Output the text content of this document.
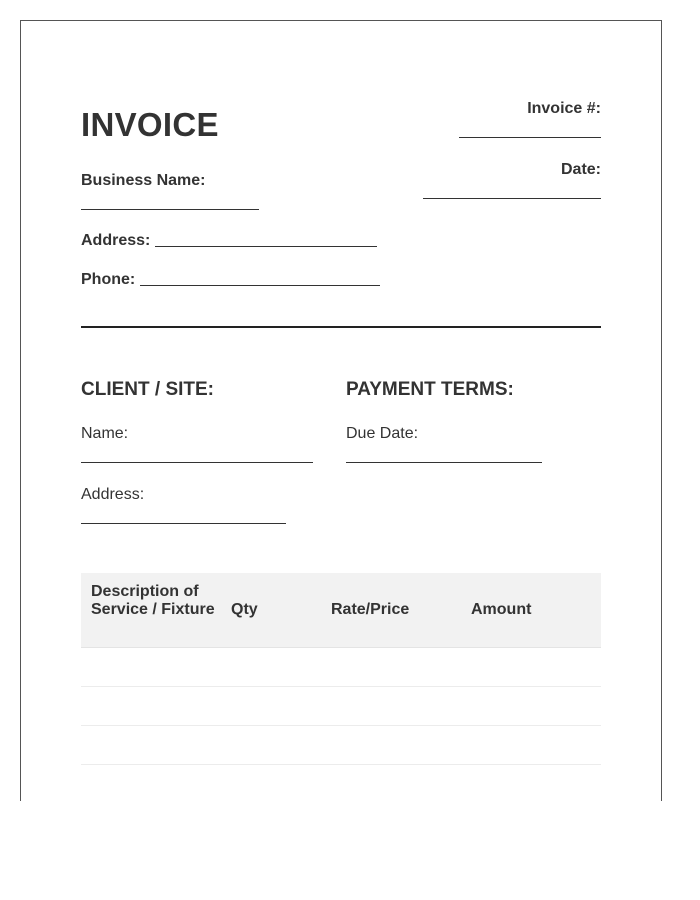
INVOICE	Invoice #:
Date:
Business Name:
Address:
Phone:
CLIENT / SITE:
Name:
Address:
PAYMENT TERMS:
Due Date:
Description of Service / Fixture Qty	Rate/Price	Amount
